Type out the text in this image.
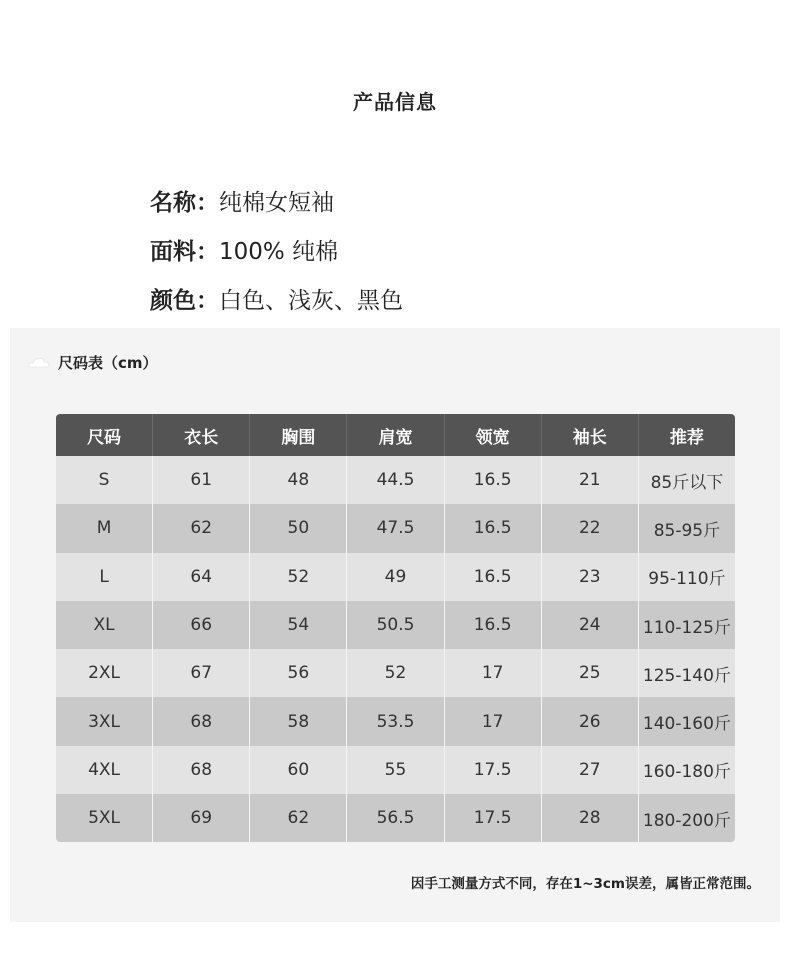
产品信息
名称：纯棉女短袖
面料：100% 纯棉
颜色：白色、浅灰、黑色
尺码表（cm）
尺码	衣长	胸围	肩宽	领宽	袖长	推荐
S	61	48	44.5	16.5	21	85斤以下
M	62	50	47.5	16.5	22	85-95斤
L	64	52	49	16.5	23	95-110斤
XL	66	54	50.5	16.5	24	110-125斤
2XL	67	56	52	17	25	125-140斤
3XL	68	58	53.5	17	26	140-160斤
4XL	68	60	55	17.5	27	160-180斤
5XL	69	62	56.5	17.5	28	180-200斤
因手工测量方式不同，存在1~3cm误差，属皆正常范围。
